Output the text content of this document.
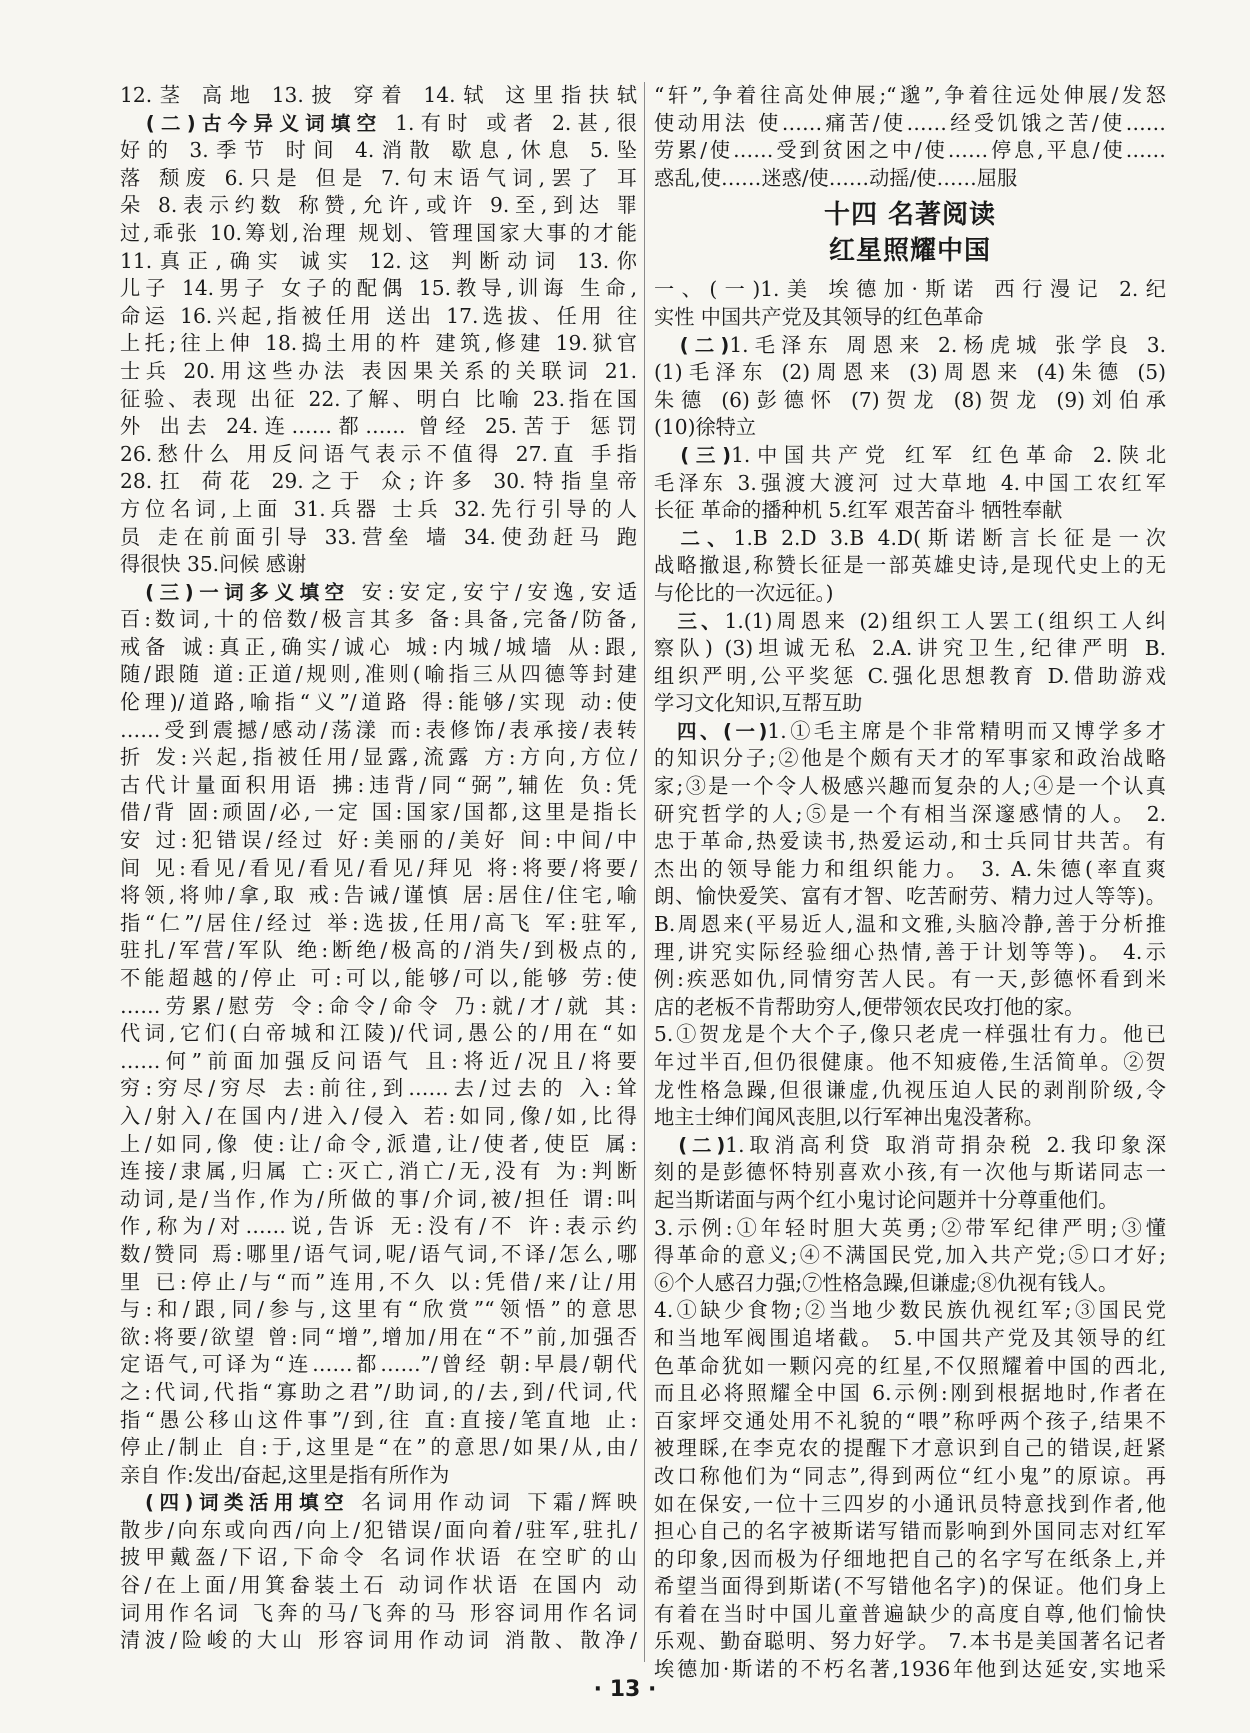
12.茎 高地 13.披 穿着 14.轼 这里指扶轼

　(二)古今异义词填空 1.有时 或者 2.甚,很

好的 3.季节 时间 4.消散 歇息,休息 5.坠

落 颓废 6.只是 但是 7.句末语气词,罢了 耳

朵 8.表示约数 称赞,允许,或许 9.至,到达 罪

过,乖张 10.筹划,治理 规划、管理国家大事的才能

11.真正,确实 诚实 12.这 判断动词 13.你

儿子 14.男子 女子的配偶 15.教导,训诲 生命,

命运 16.兴起,指被任用 送出 17.选拔、任用 往

上托;往上伸 18.捣土用的杵 建筑,修建 19.狱官

士兵 20.用这些办法 表因果关系的关联词 21.

征验、表现 出征 22.了解、明白 比喻 23.指在国

外 出去 24.连……都…… 曾经 25.苦于 惩罚

26.愁什么 用反问语气表示不值得 27.直 手指

28.扛 荷花 29.之于 众;许多 30.特指皇帝

方位名词,上面 31.兵器 士兵 32.先行引导的人

员 走在前面引导 33.营垒 墙 34.使劲赶马 跑

得很快 35.问候 感谢

　(三)一词多义填空 安:安定,安宁/安逸,安适

百:数词,十的倍数/极言其多 备:具备,完备/防备,

戒备 诚:真正,确实/诚心 城:内城/城墙 从:跟,

随/跟随 道:正道/规则,准则(喻指三从四德等封建

伦理)/道路,喻指“义”/道路 得:能够/实现 动:使

……受到震撼/感动/荡漾 而:表修饰/表承接/表转

折 发:兴起,指被任用/显露,流露 方:方向,方位/

古代计量面积用语 拂:违背/同“弼”,辅佐 负:凭

借/背 固:顽固/必,一定 国:国家/国都,这里是指长

安 过:犯错误/经过 好:美丽的/美好 间:中间/中

间 见:看见/看见/看见/看见/拜见 将:将要/将要/

将领,将帅/拿,取 戒:告诫/谨慎 居:居住/住宅,喻

指“仁”/居住/经过 举:选拔,任用/高飞 军:驻军,

驻扎/军营/军队 绝:断绝/极高的/消失/到极点的,

不能超越的/停止 可:可以,能够/可以,能够 劳:使

……劳累/慰劳 令:命令/命令 乃:就/才/就 其:

代词,它们(白帝城和江陵)/代词,愚公的/用在“如

……何”前面加强反问语气 且:将近/况且/将要

穷:穷尽/穷尽 去:前往,到……去/过去的 入:耸

入/射入/在国内/进入/侵入 若:如同,像/如,比得

上/如同,像 使:让/命令,派遣,让/使者,使臣 属:

连接/隶属,归属 亡:灭亡,消亡/无,没有 为:判断

动词,是/当作,作为/所做的事/介词,被/担任 谓:叫

作,称为/对……说,告诉 无:没有/不 许:表示约

数/赞同 焉:哪里/语气词,呢/语气词,不译/怎么,哪

里 已:停止/与“而”连用,不久 以:凭借/来/让/用

与:和/跟,同/参与,这里有“欣赏”“领悟”的意思

欲:将要/欲望 曾:同“增”,增加/用在“不”前,加强否

定语气,可译为“连……都……”/曾经 朝:早晨/朝代

之:代词,代指“寡助之君”/助词,的/去,到/代词,代

指“愚公移山这件事”/到,往 直:直接/笔直地 止:

停止/制止 自:于,这里是“在”的意思/如果/从,由/

亲自 作:发出/奋起,这里是指有所作为

　(四)词类活用填空 名词用作动词 下霜/辉映

散步/向东或向西/向上/犯错误/面向着/驻军,驻扎/

披甲戴盔/下诏,下命令 名词作状语 在空旷的山

谷/在上面/用箕畚装土石 动词作状语 在国内 动

词用作名词 飞奔的马/飞奔的马 形容词用作名词

清波/险峻的大山 形容词用作动词 消散、散净/

“轩”,争着往高处伸展;“邈”,争着往远处伸展/发怒

使动用法 使……痛苦/使……经受饥饿之苦/使……

劳累/使……受到贫困之中/使……停息,平息/使……

惑乱,使……迷惑/使……动摇/使……屈服

十四 名著阅读
红星照耀中国

一、(一)1.美 埃德加·斯诺 西行漫记 2.纪

实性 中国共产党及其领导的红色革命

　(二)1.毛泽东 周恩来 2.杨虎城 张学良 3.

(1)毛泽东 (2)周恩来 (3)周恩来 (4)朱德 (5)

朱德 (6)彭德怀 (7)贺龙 (8)贺龙 (9)刘伯承

(10)徐特立

　(三)1.中国共产党 红军 红色革命 2.陕北

毛泽东 3.强渡大渡河 过大草地 4.中国工农红军

长征 革命的播种机 5.红军 艰苦奋斗 牺牲奉献

　二、1.B 2.D 3.B 4.D(斯诺断言长征是一次

战略撤退,称赞长征是一部英雄史诗,是现代史上的无

与伦比的一次远征。)

　三、1.(1)周恩来 (2)组织工人罢工(组织工人纠

察队) (3)坦诚无私 2.A.讲究卫生,纪律严明 B.

组织严明,公平奖惩 C.强化思想教育 D.借助游戏

学习文化知识,互帮互助

　四、(一)1.①毛主席是个非常精明而又博学多才

的知识分子;②他是个颇有天才的军事家和政治战略

家;③是一个令人极感兴趣而复杂的人;④是一个认真

研究哲学的人;⑤是一个有相当深邃感情的人。 2.

忠于革命,热爱读书,热爱运动,和士兵同甘共苦。有

杰出的领导能力和组织能力。 3. A.朱德(率直爽

朗、愉快爱笑、富有才智、吃苦耐劳、精力过人等等)。

B.周恩来(平易近人,温和文雅,头脑冷静,善于分析推

理,讲究实际经验细心热情,善于计划等等)。 4.示

例:疾恶如仇,同情穷苦人民。有一天,彭德怀看到米

店的老板不肯帮助穷人,便带领农民攻打他的家。

5.①贺龙是个大个子,像只老虎一样强壮有力。他已

年过半百,但仍很健康。他不知疲倦,生活简单。②贺

龙性格急躁,但很谦虚,仇视压迫人民的剥削阶级,令

地主士绅们闻风丧胆,以行军神出鬼没著称。

　(二)1.取消高利贷 取消苛捐杂税 2.我印象深

刻的是彭德怀特别喜欢小孩,有一次他与斯诺同志一

起当斯诺面与两个红小鬼讨论问题并十分尊重他们。

3.示例:①年轻时胆大英勇;②带军纪律严明;③懂

得革命的意义;④不满国民党,加入共产党;⑤口才好;

⑥个人感召力强;⑦性格急躁,但谦虚;⑧仇视有钱人。

4.①缺少食物;②当地少数民族仇视红军;③国民党

和当地军阀围追堵截。 5.中国共产党及其领导的红

色革命犹如一颗闪亮的红星,不仅照耀着中国的西北,

而且必将照耀全中国 6.示例:刚到根据地时,作者在

百家坪交通处用不礼貌的“喂”称呼两个孩子,结果不

被理睬,在李克农的提醒下才意识到自己的错误,赶紧

改口称他们为“同志”,得到两位“红小鬼”的原谅。再

如在保安,一位十三四岁的小通讯员特意找到作者,他

担心自己的名字被斯诺写错而影响到外国同志对红军

的印象,因而极为仔细地把自己的名字写在纸条上,并

希望当面得到斯诺(不写错他名字)的保证。他们身上

有着在当时中国儿童普遍缺少的高度自尊,他们愉快

乐观、勤奋聪明、努力好学。 7.本书是美国著名记者

埃德加·斯诺的不朽名著,1936年他到达延安,实地采

· 13 ·
